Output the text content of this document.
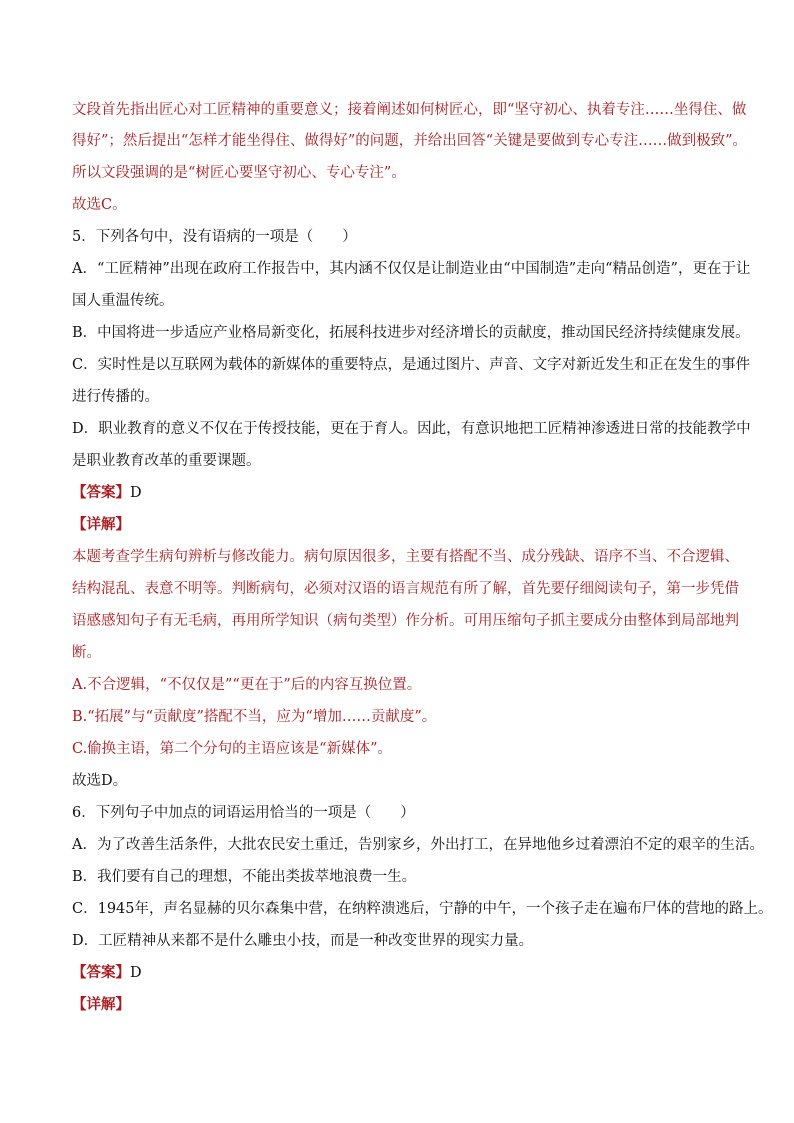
文段首先指出匠心对工匠精神的重要意义；接着阐述如何树匠心，即“坚守初心、执着专注……坐得住、做
得好”；然后提出“怎样才能坐得住、做得好”的问题，并给出回答“关键是要做到专心专注……做到极致”。
所以文段强调的是“树匠心要坚守初心、专心专注”。
故选C。
5．下列各句中，没有语病的一项是（　　）
A．“工匠精神”出现在政府工作报告中，其内涵不仅仅是让制造业由“中国制造”走向“精品创造”，更在于让
国人重温传统。
B．中国将进一步适应产业格局新变化，拓展科技进步对经济增长的贡献度，推动国民经济持续健康发展。
C．实时性是以互联网为载体的新媒体的重要特点，是通过图片、声音、文字对新近发生和正在发生的事件
进行传播的。
D．职业教育的意义不仅在于传授技能，更在于育人。因此，有意识地把工匠精神渗透进日常的技能教学中
是职业教育改革的重要课题。
【答案】D
【详解】
本题考查学生病句辨析与修改能力。病句原因很多，主要有搭配不当、成分残缺、语序不当、不合逻辑、
结构混乱、表意不明等。判断病句，必须对汉语的语言规范有所了解，首先要仔细阅读句子，第一步凭借
语感感知句子有无毛病，再用所学知识（病句类型）作分析。可用压缩句子抓主要成分由整体到局部地判
断。
A.不合逻辑，“不仅仅是”“更在于”后的内容互换位置。
B.“拓展”与“贡献度”搭配不当，应为“增加……贡献度”。
C.偷换主语，第二个分句的主语应该是“新媒体”。
故选D。
6．下列句子中加点的词语运用恰当的一项是（　　）
A．为了改善生活条件，大批农民安土重迁，告别家乡，外出打工，在异地他乡过着漂泊不定的艰辛的生活。
B．我们要有自己的理想，不能出类拔萃地浪费一生。
C．1945年，声名显赫的贝尔森集中营，在纳粹溃逃后，宁静的中午，一个孩子走在遍布尸体的营地的路上。
D．工匠精神从来都不是什么雕虫小技，而是一种改变世界的现实力量。
【答案】D
【详解】
